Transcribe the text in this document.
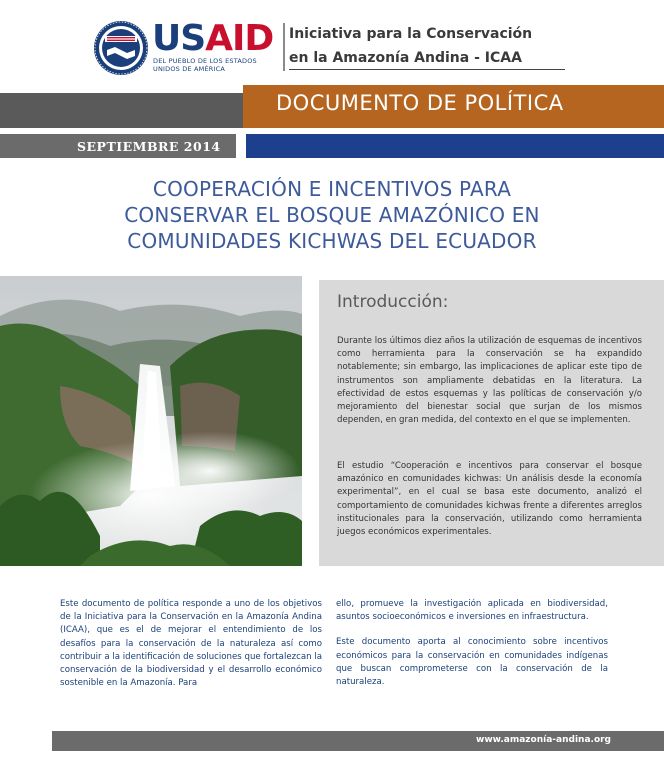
USAID
DEL PUEBLO DE LOS ESTADOS
UNIDOS DE AMÉRICA
Iniciativa para la Conservación
en la Amazonía Andina - ICAA
DOCUMENTO DE POLÍTICA
SEPTIEMBRE 2014
COOPERACIÓN E INCENTIVOS PARA
CONSERVAR EL BOSQUE AMAZÓNICO EN
COMUNIDADES KICHWAS DEL ECUADOR
Introducción:
Durante los últimos diez años la utilización de esquemas de incentivos como herramienta para la conservación se ha expandido notablemente; sin embargo, las implicaciones de aplicar este tipo de instrumentos son ampliamente debatidas en la literatura. La efectividad de estos esquemas y las políticas de conservación y/o mejoramiento del bienestar social que surjan de los mismos dependen, en gran medida, del contexto en el que se implementen.
El estudio “Cooperación e incentivos para conservar el bosque amazónico en comunidades kichwas: Un análisis desde la economía experimental”, en el cual se basa este documento, analizó el comportamiento de comunidades kichwas frente a diferentes arreglos institucionales para la conservación, utilizando como herramienta juegos económicos experimentales.
Este documento de política responde a uno de los objetivos de la Iniciativa para la Conservación en la Amazonía Andina (ICAA), que es el de mejorar el entendimiento de los desafíos para la conservación de la naturaleza así como contribuir a la identificación de soluciones que fortalezcan la conservación de la biodiversidad y el desarrollo económico sostenible en la Amazonía. Para

ello, promueve la investigación aplicada en biodiversidad, asuntos socioeconómicos e inversiones en infraestructura.

Este documento aporta al conocimiento sobre incentivos económicos para la conservación en comunidades indígenas que buscan comprometerse con la conservación de la naturaleza.

www.amazonía-andina.org
